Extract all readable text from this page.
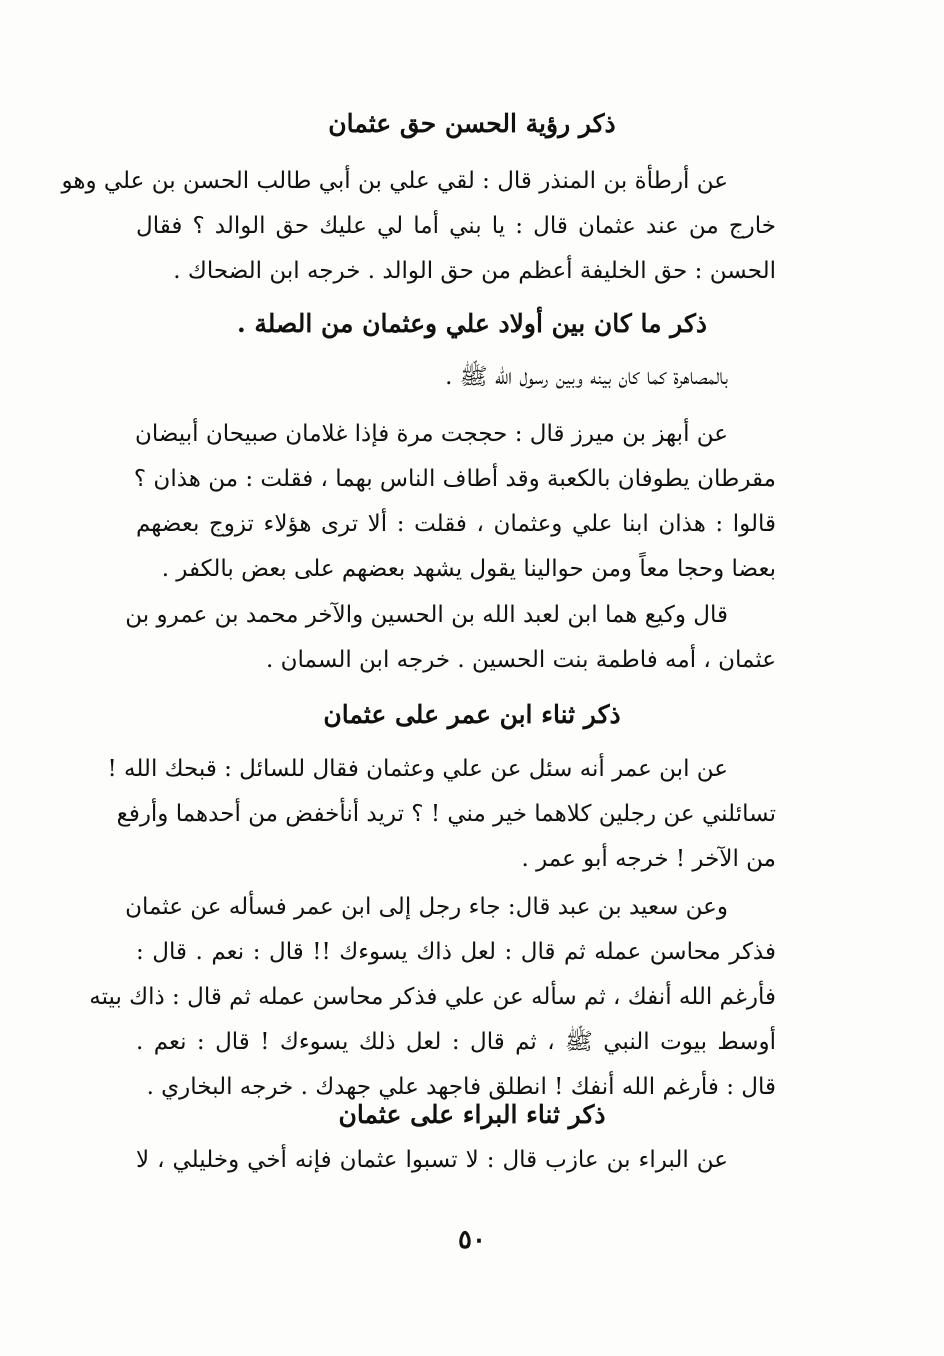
ذكر رؤية الحسن حق عثمان
عن أرطأة بن المنذر قال : لقي علي بن أبي طالب الحسن بن علي وهو
خارج من عند عثمان قال : يا بني أما لي عليك حق الوالد ؟ فقال
الحسن : حق الخليفة أعظم من حق الوالد . خرجه ابن الضحاك .
ذكر ما كان بين أولاد علي وعثمان من الصلة .
بالمصاهرة كما كان بينه وبين رسول الله ﷺ .
عن أبهز بن ميرز قال : حججت مرة فإذا غلامان صبيحان أبيضان
مقرطان يطوفان بالكعبة وقد أطاف الناس بهما ، فقلت : من هذان ؟
قالوا : هذان ابنا علي وعثمان ، فقلت : ألا ترى هؤلاء تزوج بعضهم
بعضا وحجا معاً ومن حوالينا يقول يشهد بعضهم على بعض بالكفر .
قال وكيع هما ابن لعبد الله بن الحسين والآخر محمد بن عمرو بن
عثمان ، أمه فاطمة بنت الحسين . خرجه ابن السمان .
ذكر ثناء ابن عمر على عثمان
عن ابن عمر أنه سئل عن علي وعثمان فقال للسائل : قبحك الله !
تسائلني عن رجلين كلاهما خير مني ! ؟ تريد أنأخفض من أحدهما وأرفع
من الآخر ! خرجه أبو عمر .
وعن سعيد بن عبد قال: جاء رجل إلى ابن عمر فسأله عن عثمان
فذكر محاسن عمله ثم قال : لعل ذاك يسوءك !! قال : نعم . قال :
فأرغم الله أنفك ، ثم سأله عن علي فذكر محاسن عمله ثم قال : ذاك بيته
أوسط بيوت النبي ﷺ ، ثم قال : لعل ذلك يسوءك ! قال : نعم .
قال : فأرغم الله أنفك ! انطلق فاجهد علي جهدك . خرجه البخاري .
ذكر ثناء البراء على عثمان
عن البراء بن عازب قال : لا تسبوا عثمان فإنه أخي وخليلي ، لا
٥٠
